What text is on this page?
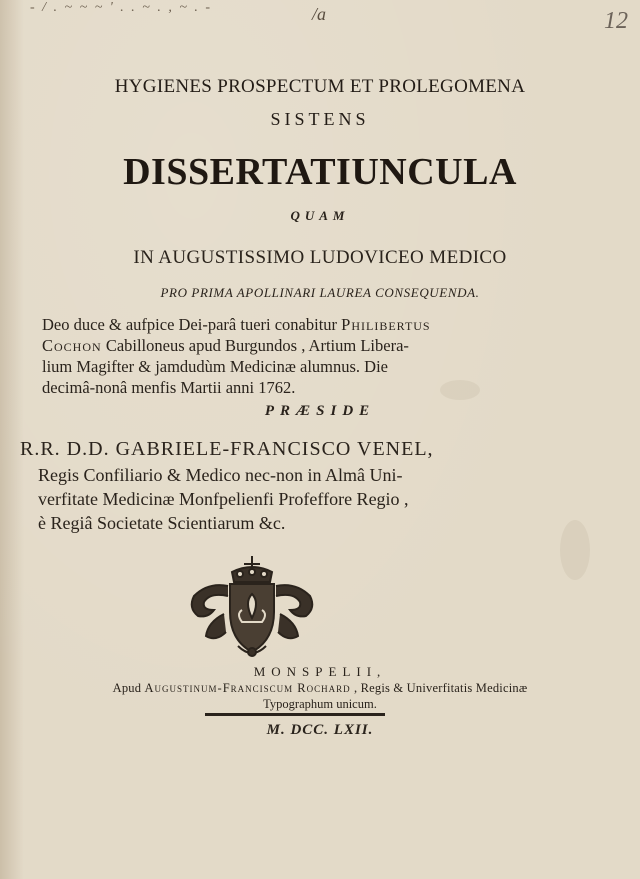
- / . ~ ~ ~ ' . . ~ . , ~ . -	/a	12
HYGIENES PROSPECTUM ET PROLEGOMENA
SISTENS
DISSERTATIUNCULA
QUAM
IN AUGUSTISSIMO LUDOVICEO MEDICO
PRO PRIMA APOLLINARI LAUREA CONSEQUENDA.
Deo duce & aufpice Dei-parâ tueri conabitur Philibertus
Cochon Cabilloneus apud Burgundos , Artium Libera-
lium Magifter & jamdudùm Medicinæ alumnus. Die
decimâ-nonâ menfis Martii anni 1762.
PRÆSIDE
R.R. D.D. GABRIELE-FRANCISCO VENEL,
Regis Confiliario & Medico nec-non in Almâ Uni-
verfitate Medicinæ Monfpelienfi Profeffore Regio ,
è Regiâ Societate Scientiarum &c.
MONSPELII,
Apud Augustinum-Franciscum Rochard , Regis & Univerfitatis Medicinæ
Typographum unicum.
M. DCC. LXII.
